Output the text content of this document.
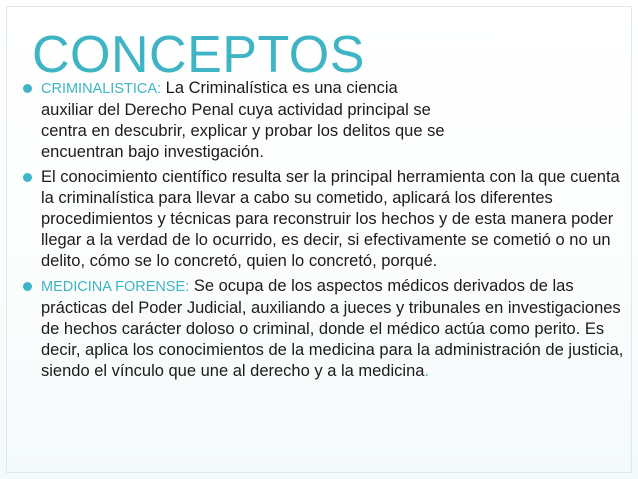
CONCEPTOS
CRIMINALISTICA: La Criminalística es una ciencia auxiliar del Derecho Penal cuya actividad principal se centra en descubrir, explicar y probar los delitos que se encuentran bajo investigación.
El conocimiento científico resulta ser la principal herramienta con la que cuenta la criminalística para llevar a cabo su cometido, aplicará los diferentes procedimientos y técnicas para reconstruir los hechos y de esta manera poder llegar a la verdad de lo ocurrido, es decir, si efectivamente se cometió o no un delito, cómo se lo concretó, quien lo concretó, porqué.
MEDICINA FORENSE: Se ocupa de los aspectos médicos derivados de las prácticas del Poder Judicial, auxiliando a jueces y tribunales en investigaciones de hechos carácter doloso o criminal, donde el médico actúa como perito. Es decir, aplica los conocimientos de la medicina para la administración de justicia, siendo el vínculo que une al derecho y a la medicina.
